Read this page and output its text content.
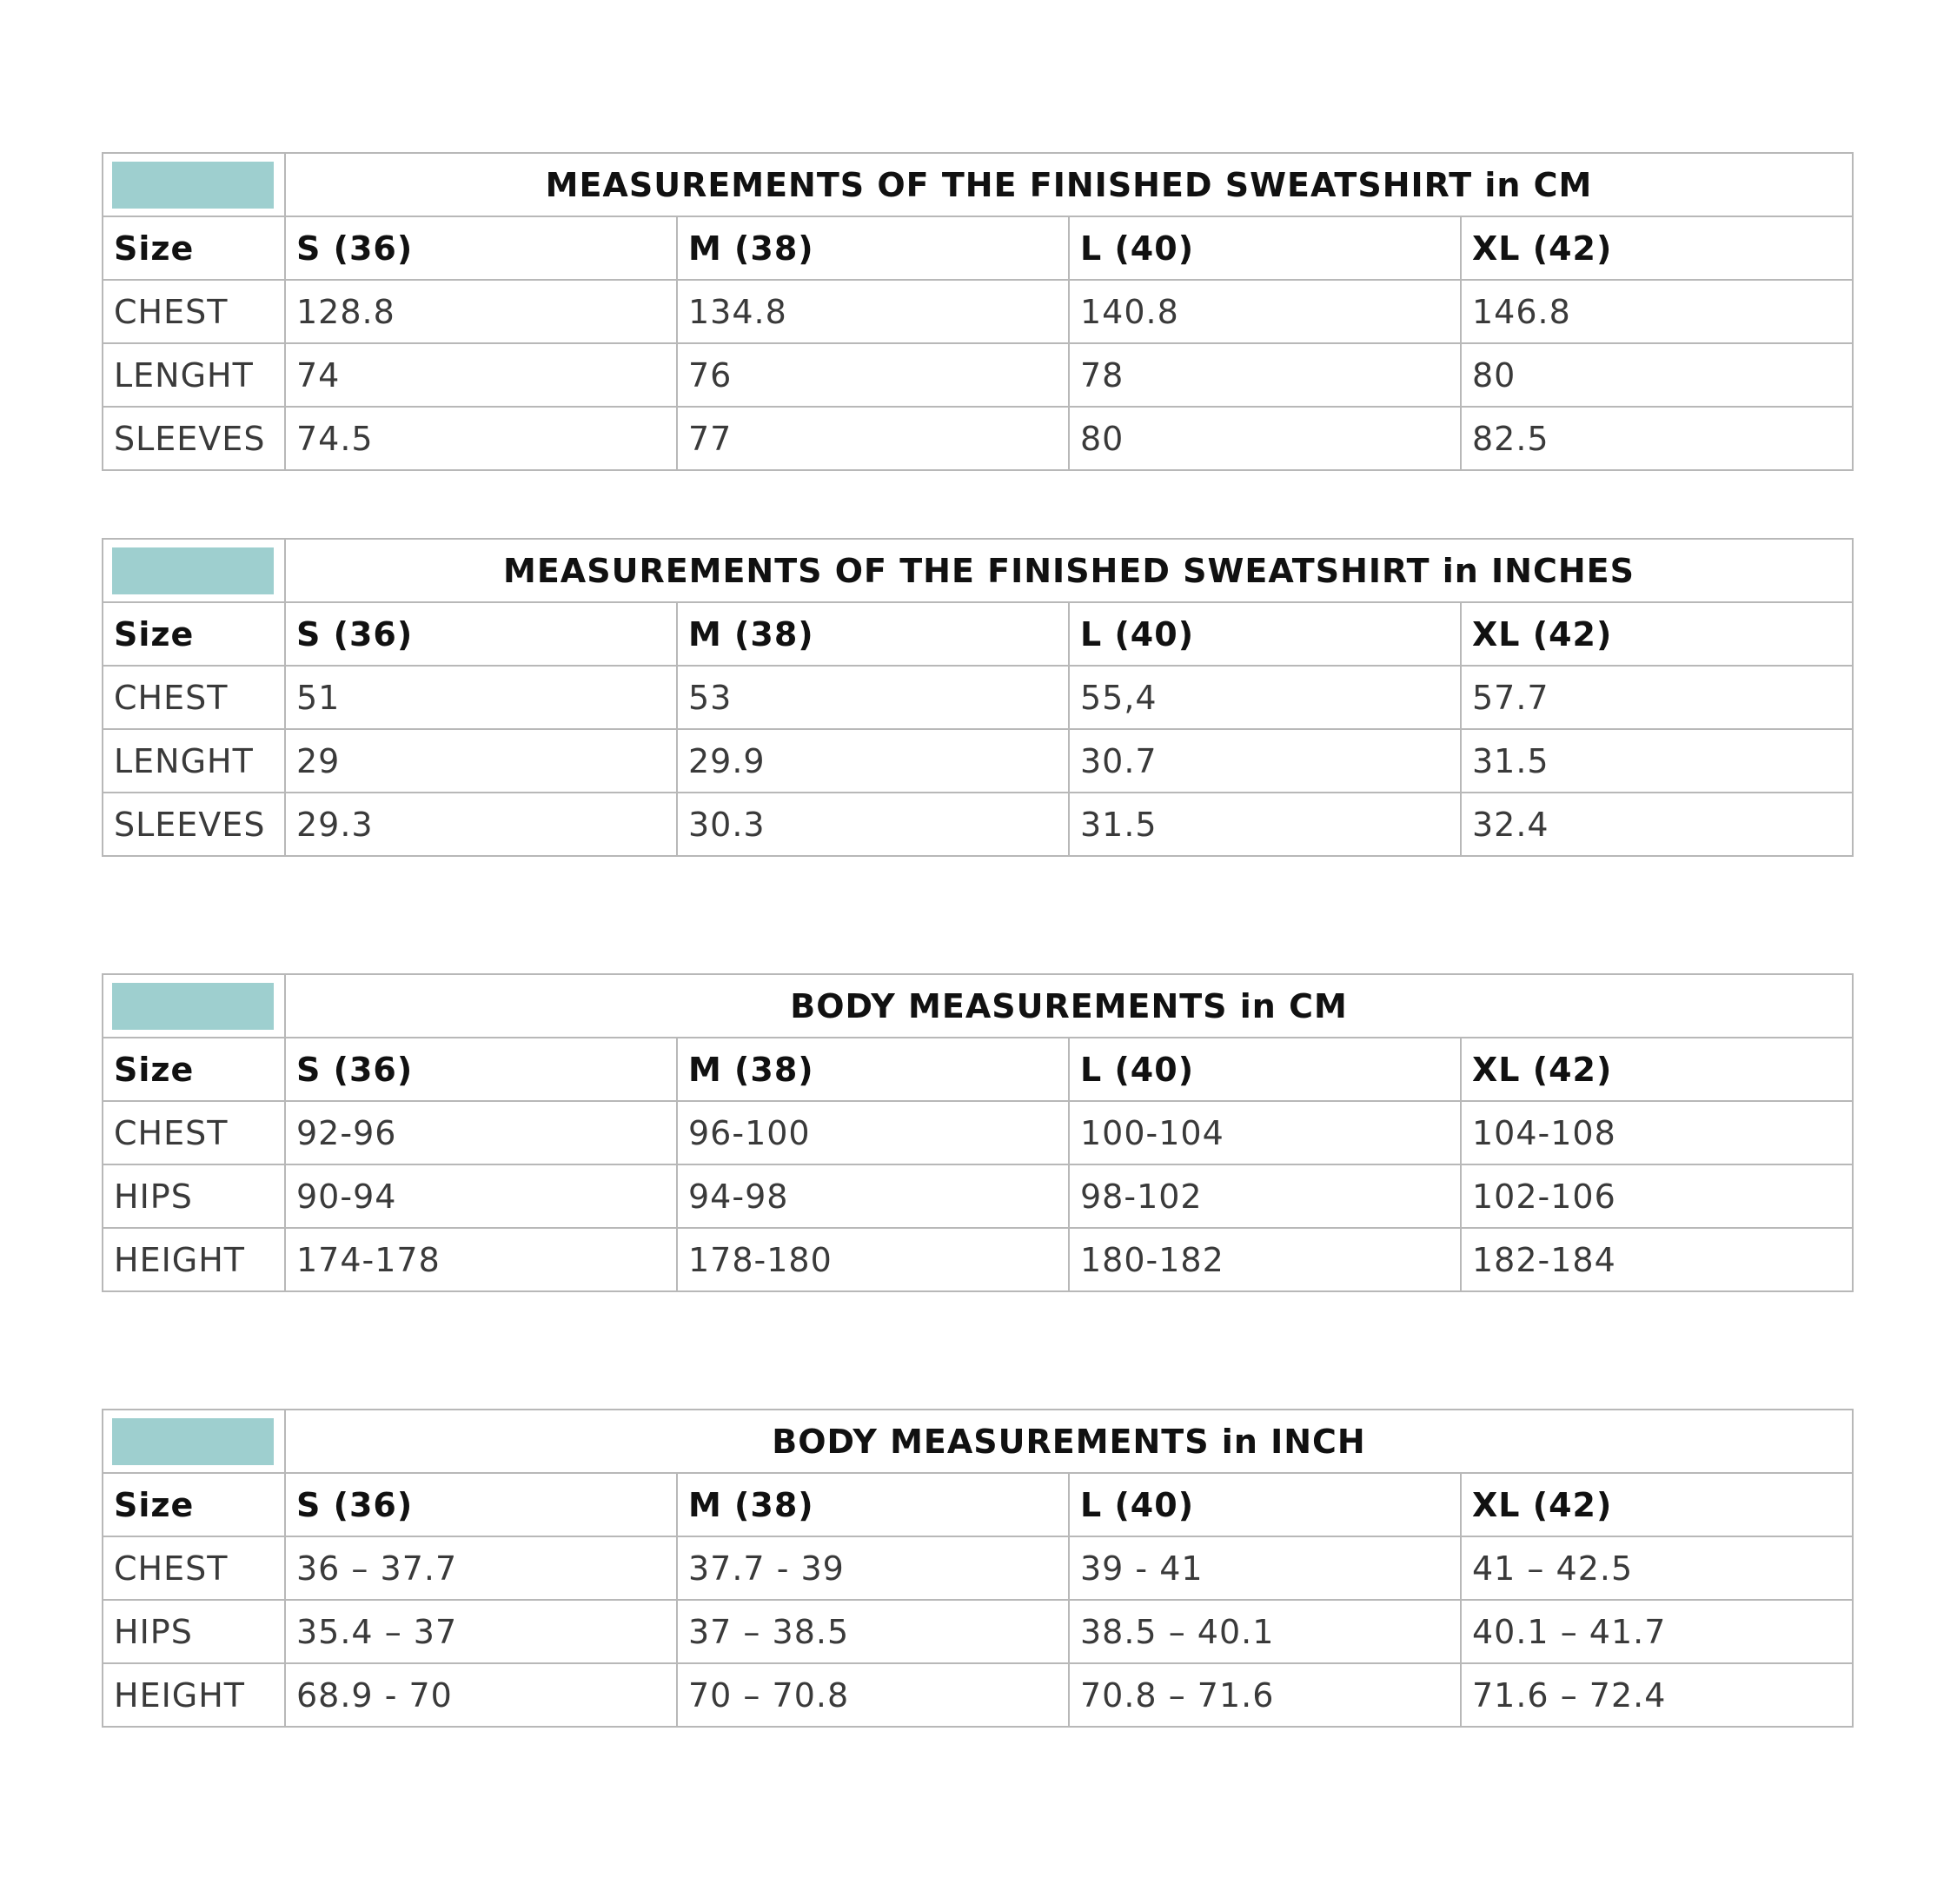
	MEASUREMENTS OF THE FINISHED SWEATSHIRT in CM			
Size	S (36)	M (38)	L (40)	XL (42)
CHEST	128.8	134.8	140.8	146.8
LENGHT	74	76	78	80
SLEEVES	74.5	77	80	82.5
	MEASUREMENTS OF THE FINISHED SWEATSHIRT in INCHES			
Size	S (36)	M (38)	L (40)	XL (42)
CHEST	51	53	55,4	57.7
LENGHT	29	29.9	30.7	31.5
SLEEVES	29.3	30.3	31.5	32.4
	BODY MEASUREMENTS in CM			
Size	S (36)	M (38)	L (40)	XL (42)
CHEST	92-96	96-100	100-104	104-108
HIPS	90-94	94-98	98-102	102-106
HEIGHT	174-178	178-180	180-182	182-184
	BODY MEASUREMENTS in INCH			
Size	S (36)	M (38)	L (40)	XL (42)
CHEST	36 – 37.7	37.7 - 39	39 - 41	41 – 42.5
HIPS	35.4 – 37	37 – 38.5	38.5 – 40.1	40.1 – 41.7
HEIGHT	68.9 - 70	70 – 70.8	70.8 – 71.6	71.6 – 72.4
